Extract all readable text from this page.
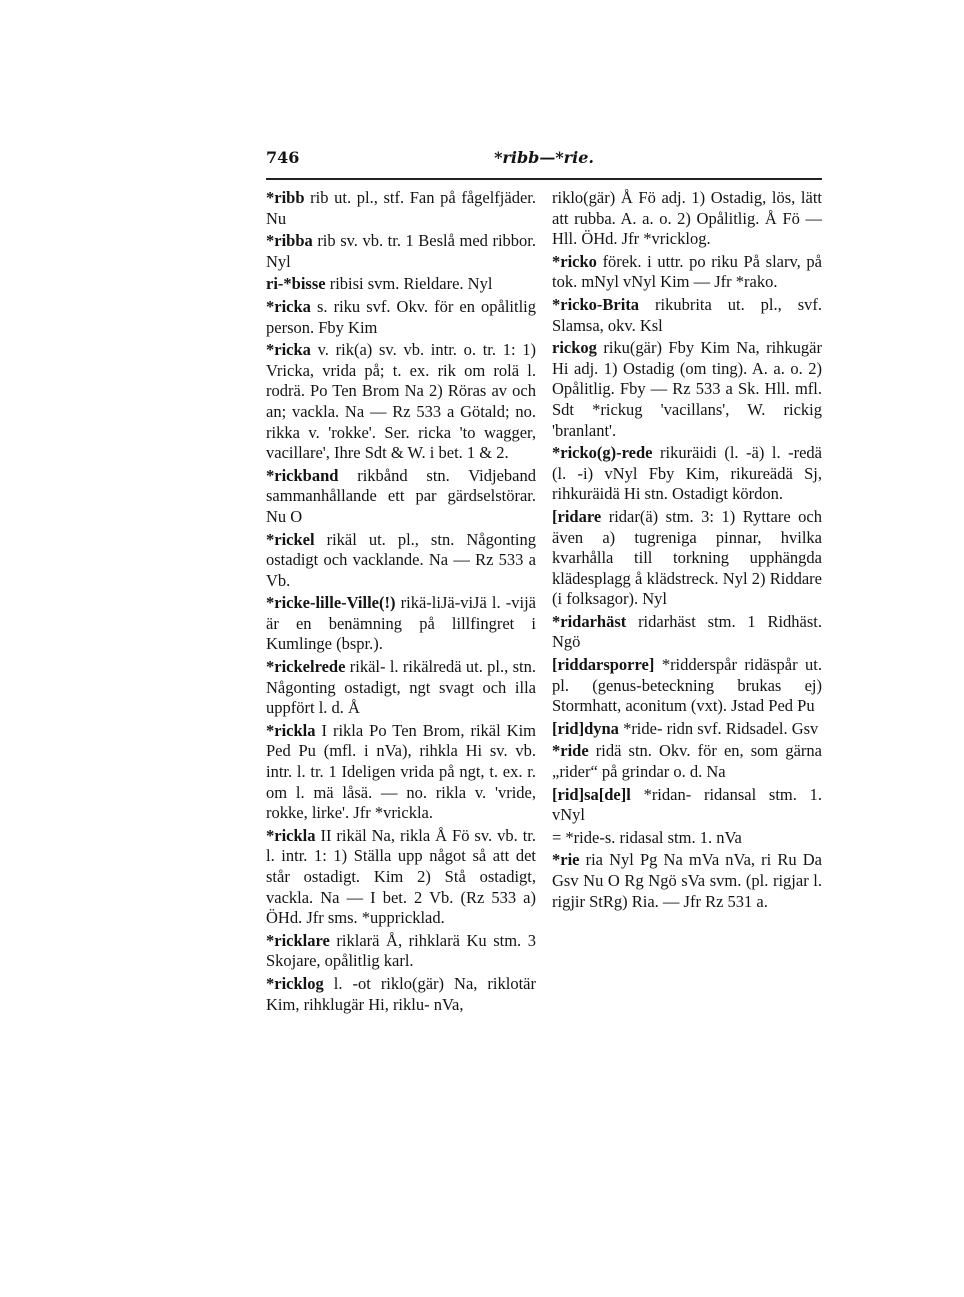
746	*ribb—*rie.

*ribb rib ut. pl., stf. Fan på fågelfjäder. Nu

*ribba rib sv. vb. tr. 1 Beslå med ribbor. Nyl

ri-*bisse ribisi svm. Rieldare. Nyl

*ricka s. riku svf. Okv. för en opålitlig person. Fby Kim

*ricka v. rik(a) sv. vb. intr. o. tr. 1: 1) Vricka, vrida på; t. ex. rik om rolä l. rodrä. Po Ten Brom Na 2) Röras av och an; vackla. Na — Rz 533 a Götald; no. rikka v. 'rokke'. Ser. ricka 'to wagger, vacillare', Ihre Sdt & W. i bet. 1 & 2.

*rickband rikbånd stn. Vidjeband sammanhållande ett par gärdselstörar. Nu O

*rickel rikäl ut. pl., stn. Någonting ostadigt och vacklande. Na — Rz 533 a Vb.

*ricke-lille-Ville(!) rikä-liJä-viJä l. -vijä är en benämning på lillfingret i Kumlinge (bspr.).

*rickelrede rikäl- l. rikälredä ut. pl., stn. Någonting ostadigt, ngt svagt och illa uppfört l. d. Å

*rickla I rikla Po Ten Brom, rikäl Kim Ped Pu (mfl. i nVa), rihkla Hi sv. vb. intr. l. tr. 1 Ideligen vrida på ngt, t. ex. r. om l. mä låsä. — no. rikla v. 'vride, rokke, lirke'. Jfr *vrickla.

*rickla II rikäl Na, rikla Å Fö sv. vb. tr. l. intr. 1: 1) Ställa upp något så att det står ostadigt. Kim 2) Stå ostadigt, vackla. Na — I bet. 2 Vb. (Rz 533 a) ÖHd. Jfr sms. *uppricklad.

*ricklare riklarä Å, rihklarä Ku stm. 3 Skojare, opålitlig karl.

*ricklog l. -ot riklo(gär) Na, riklotär Kim, rihklugär Hi, riklu- nVa,

riklo(gär) Å Fö adj. 1) Ostadig, lös, lätt att rubba. A. a. o. 2) Opålitlig. Å Fö — Hll. ÖHd. Jfr *vricklog.

*ricko förek. i uttr. po riku På slarv, på tok. mNyl vNyl Kim — Jfr *rako.

*ricko-Brita rikubrita ut. pl., svf. Slamsa, okv. Ksl

rickog riku(gär) Fby Kim Na, rihkugär Hi adj. 1) Ostadig (om ting). A. a. o. 2) Opålitlig. Fby — Rz 533 a Sk. Hll. mfl. Sdt *rickug 'vacillans', W. rickig 'branlant'.

*ricko(g)-rede rikuräidi (l. -ä) l. -redä (l. -i) vNyl Fby Kim, rikureädä Sj, rihkuräidä Hi stn. Ostadigt kördon.

[ridare ridar(ä) stm. 3: 1) Ryttare och även a) tugreniga pinnar, hvilka kvarhålla till torkning upphängda klädesplagg å klädstreck. Nyl 2) Riddare (i folksagor). Nyl

*ridarhäst ridarhäst stm. 1 Ridhäst. Ngö

[riddarsporre] *ridderspår ridäspår ut. pl. (genus-beteckning brukas ej) Stormhatt, aconitum (vxt). Jstad Ped Pu

[rid]dyna *ride- ridn svf. Ridsadel. Gsv

*ride ridä stn. Okv. för en, som gärna „rider“ på grindar o. d. Na

[rid]sa[de]l *ridan- ridansal stm. 1. vNyl

= *ride-s. ridasal stm. 1. nVa

*rie ria Nyl Pg Na mVa nVa, ri Ru Da Gsv Nu O Rg Ngö sVa svm. (pl. rigjar l. rigjir StRg) Ria. — Jfr Rz 531 a.
